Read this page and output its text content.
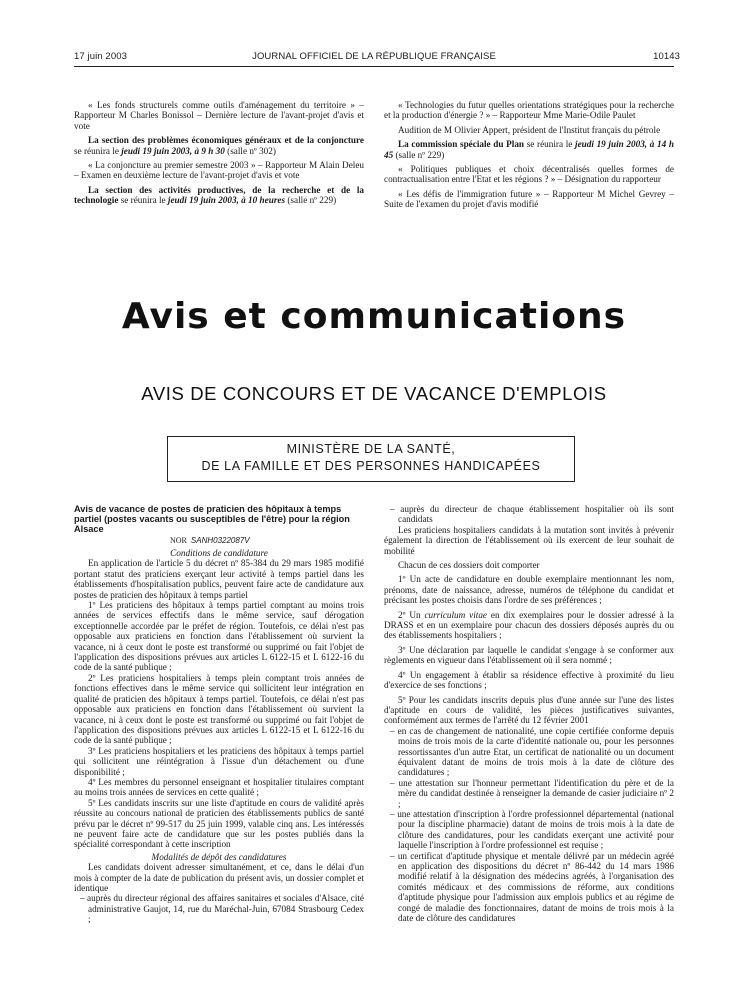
17 juin 2003	JOURNAL OFFICIEL DE LA RÉPUBLIQUE FRANÇAISE	10143

« Les fonds structurels comme outils d'aménagement du territoire » – Rapporteur M Charles Bonissol – Dernière lecture de l'avant-projet d'avis et vote

La section des problèmes économiques généraux et de la conjoncture se réunira le jeudi 19 juin 2003, à 9 h 30 (salle nº 302)

« La conjoncture au premier semestre 2003 » – Rapporteur M Alain Deleu – Examen en deuxième lecture de l'avant-projet d'avis et vote

La section des activités productives, de la recherche et de la technologie se réunira le jeudi 19 juin 2003, à 10 heures (salle nº 229)

« Technologies du futur quelles orientations stratégiques pour la recherche et la production d'énergie ? » – Rapporteur Mme Marie-Odile Paulet

Audition de M Olivier Appert, président de l'Institut français du pétrole

La commission spéciale du Plan se réunira le jeudi 19 juin 2003, à 14 h 45 (salle nº 229)

« Politiques publiques et choix décentralisés quelles formes de contractualisation entre l'Etat et les régions ? » – Désignation du rapporteur

« Les défis de l'immigration future » – Rapporteur M Michel Gevrey – Suite de l'examen du projet d'avis modifié

Avis et communications
AVIS DE CONCOURS ET DE VACANCE D'EMPLOIS
MINISTÈRE DE LA SANTÉ,
DE LA FAMILLE ET DES PERSONNES HANDICAPÉES

Avis de vacance de postes de praticien des hôpitaux à temps partiel (postes vacants ou susceptibles de l'être) pour la région Alsace

NOR SANH0322087V

Conditions de candidature

En application de l'article 5 du décret nº 85-384 du 29 mars 1985 modifié portant statut des praticiens exerçant leur activité à temps partiel dans les établissements d'hospitalisation publics, peuvent faire acte de candidature aux postes de praticien des hôpitaux à temps partiel

1º Les praticiens des hôpitaux à temps partiel comptant au moins trois années de services effectifs dans le même service, sauf dérogation exceptionnelle accordée par le préfet de région. Toutefois, ce délai n'est pas opposable aux praticiens en fonction dans l'établissement où survient la vacance, ni à ceux dont le poste est transformé ou supprimé ou fait l'objet de l'application des dispositions prévues aux articles L 6122-15 et L 6122-16 du code de la santé publique ;

2º Les praticiens hospitaliers à temps plein comptant trois années de fonctions effectives dans le même service qui sollicitent leur intégration en qualité de praticien des hôpitaux à temps partiel. Toutefois, ce délai n'est pas opposable aux praticiens en fonction dans l'établissement où survient la vacance, ni à ceux dont le poste est transformé ou supprimé ou fait l'objet de l'application des dispositions prévues aux articles L 6122-15 et L 6122-16 du code de la santé publique ;

3º Les praticiens hospitaliers et les praticiens des hôpitaux à temps partiel qui sollicitent une réintégration à l'issue d'un détachement ou d'une disponibilité ;

4º Les membres du personnel enseignant et hospitalier titulaires comptant au moins trois années de services en cette qualité ;

5º Les candidats inscrits sur une liste d'aptitude en cours de validité après réussite au concours national de praticien des établissements publics de santé prévu par le décret nº 99-517 du 25 juin 1999, valable cinq ans. Les intéressés ne peuvent faire acte de candidature que sur les postes publiés dans la spécialité correspondant à cette inscription

Modalités de dépôt des candidatures

Les candidats doivent adresser simultanément, et ce, dans le délai d'un mois à compter de la date de publication du présent avis, un dossier complet et identique

– auprès du directeur régional des affaires sanitaires et sociales d'Alsace, cité administrative Gaujot, 14, rue du Maréchal-Juin, 67084 Strasbourg Cedex ;

– auprès du directeur de chaque établissement hospitalier où ils sont candidats

Les praticiens hospitaliers candidats à la mutation sont invités à prévenir également la direction de l'établissement où ils exercent de leur souhait de mobilité

Chacun de ces dossiers doit comporter

1º Un acte de candidature en double exemplaire mentionnant les nom, prénoms, date de naissance, adresse, numéros de téléphone du candidat et précisant les postes choisis dans l'ordre de ses préférences ;

2º Un curriculum vitae en dix exemplaires pour le dossier adressé à la DRASS et en un exemplaire pour chacun des dossiers déposés auprès du ou des établissements hospitaliers ;

3º Une déclaration par laquelle le candidat s'engage à se conformer aux règlements en vigueur dans l'établissement où il sera nommé ;

4º Un engagement à établir sa résidence effective à proximité du lieu d'exercice de ses fonctions ;

5º Pour les candidats inscrits depuis plus d'une année sur l'une des listes d'aptitude en cours de validité, les pièces justificatives suivantes, conformément aux termes de l'arrêté du 12 février 2001

– en cas de changement de nationalité, une copie certifiée conforme depuis moins de trois mois de la carte d'identité nationale ou, pour les personnes ressortissantes d'un autre Etat, un certificat de nationalité ou un document équivalent datant de moins de trois mois à la date de clôture des candidatures ;

– une attestation sur l'honneur permettant l'identification du père et de la mère du candidat destinée à renseigner la demande de casier judiciaire nº 2 ;

– une attestation d'inscription à l'ordre professionnel départemental (national pour la discipline pharmacie) datant de moins de trois mois à la date de clôture des candidatures, pour les candidats exerçant une activité pour laquelle l'inscription à l'ordre professionnel est requise ;

– un certificat d'aptitude physique et mentale délivré par un médecin agréé en application des dispositions du décret nº 86-442 du 14 mars 1986 modifié relatif à la désignation des médecins agréés, à l'organisation des comités médicaux et des commissions de réforme, aux conditions d'aptitude physique pour l'admission aux emplois publics et au régime de congé de maladie des fonctionnaires, datant de moins de trois mois à la date de clôture des candidatures
